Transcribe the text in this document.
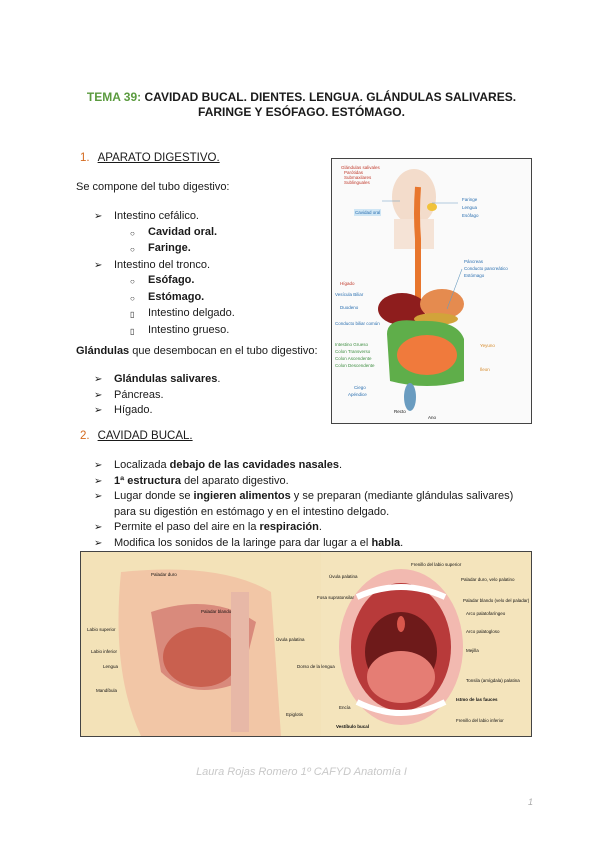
TEMA 39: CAVIDAD BUCAL. DIENTES. LENGUA. GLÁNDULAS SALIVARES.
FARINGE Y ESÓFAGO. ESTÓMAGO.
1. APARATO DIGESTIVO.
Se compone del tubo digestivo:
➢	Intestino cefálico.
○	Cavidad oral.
○	Faringe.
➢	Intestino del tronco.
○	Esófago.
○	Estómago.
▯	Intestino delgado.
▯	Intestino grueso.
Glándulas que desembocan en el tubo digestivo:
➢	Glándulas salivares.
➢	Páncreas.
➢	Hígado.
Glándulas salivales
Parótidas
Submaxilares
Sublinguales
Cavidad oral
Hígado
Vesícula Biliar
Duodeno
Conducto biliar común
Intestino Grueso
Colon Transverso
Colon Ascendente
Colon Descendente
Ciego
Apéndice
Recto
Faringe
Lengua
Esófago
Páncreas
Conducto pancreático
Estómago
Yeyuno
Íleon
Ano
2. CAVIDAD BUCAL.
➢	Localizada debajo de las cavidades nasales.
➢	1ª estructura del aparato digestivo.
➢	Lugar donde se ingieren alimentos y se preparan (mediante glándulas salivares)
para su digestión en estómago y en el intestino delgado.
➢	Permite el paso del aire en la respiración.
➢	Modifica los sonidos de la laringe para dar lugar a el habla.
Paladar duro
Paladar blando
Labio superior
Labio inferior
Lengua
Mandíbula
Úvula palatina
Epiglotis
Frenillo del labio superior
Úvula palatina
Paladar duro, velo palatino
Fosa supratonsilar
Paladar blando (velo del paladar)
Arco palatofaríngeo
Arco palatogloso
Mejilla
Dorso de la lengua
Tonsila (amígdala) palatina
Istmo de las fauces
Encía
Frenillo del labio inferior
Vestíbulo bucal
Laura Rojas Romero 1º CAFYD Anatomía I
1
